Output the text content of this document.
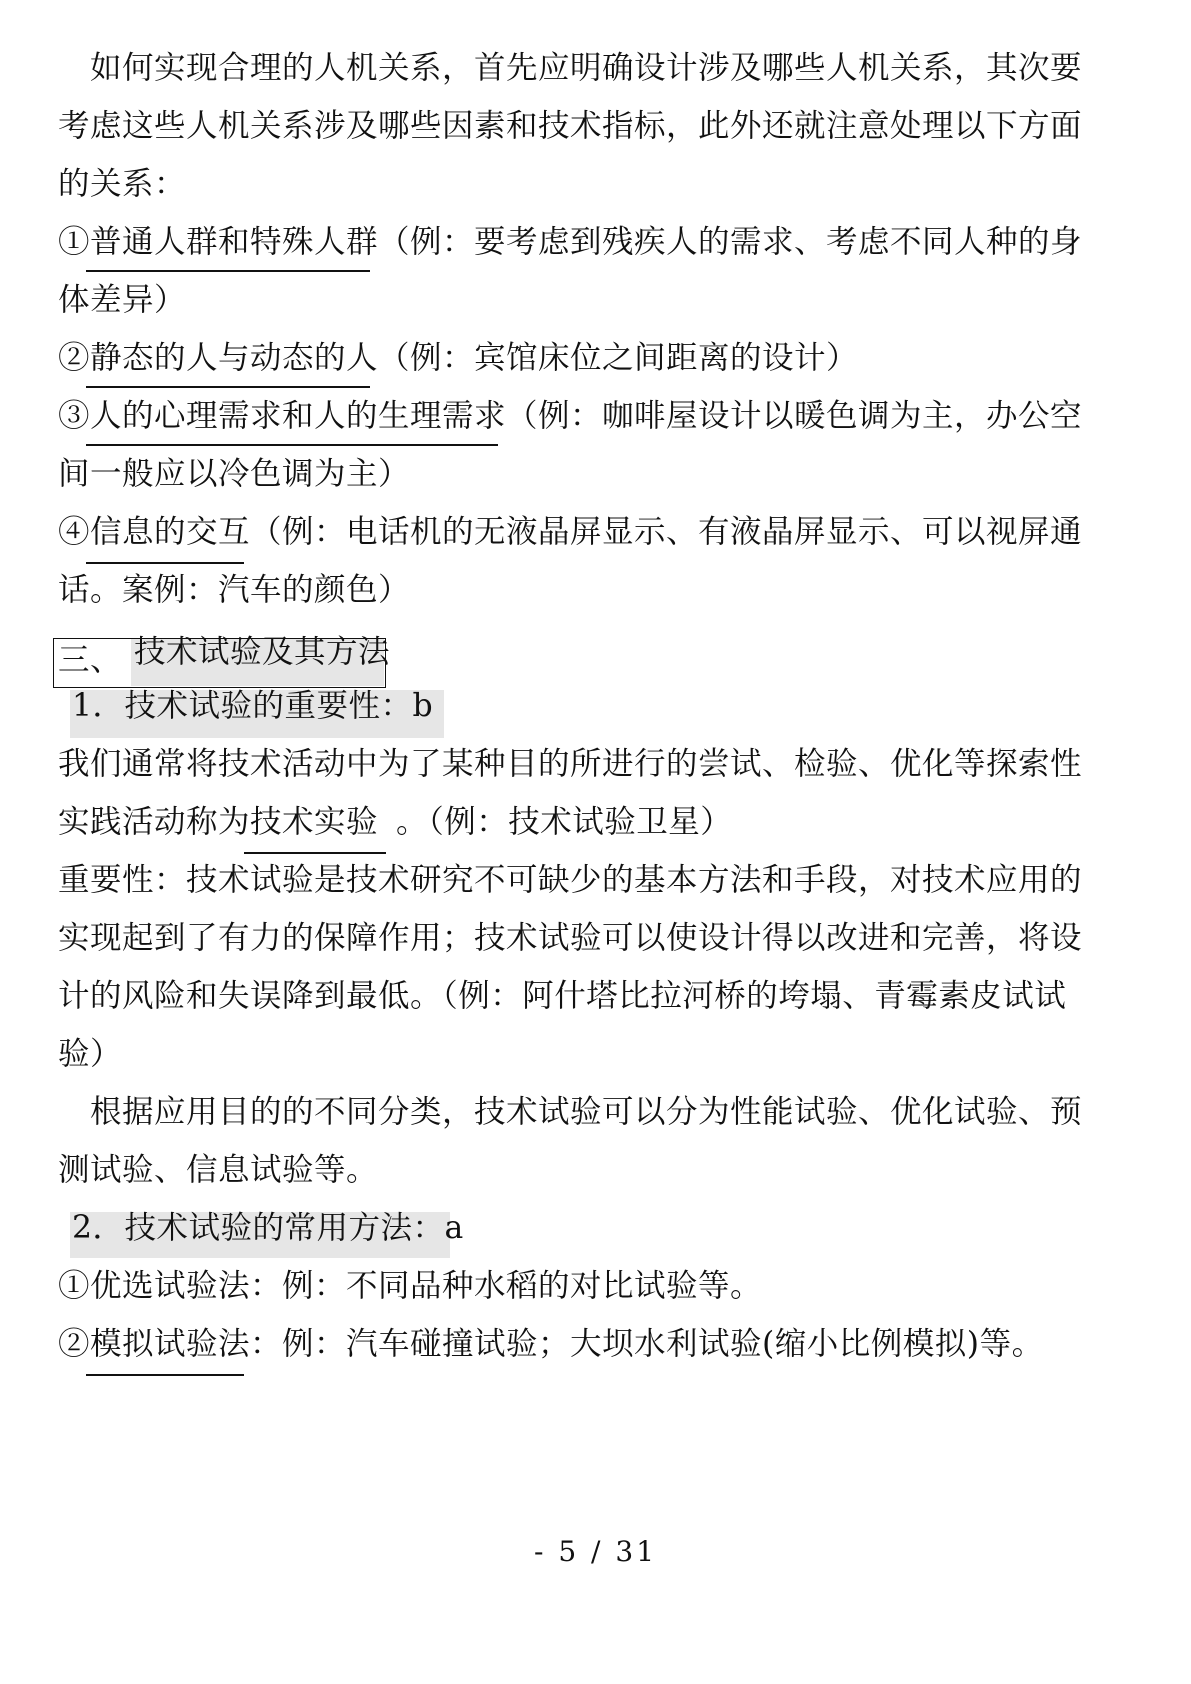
　如何实现合理的人机关系，首先应明确设计涉及哪些人机关系，其次要
考虑这些人机关系涉及哪些因素和技术指标，此外还就注意处理以下方面
的关系：
①普通人群和特殊人群（例：要考虑到残疾人的需求、考虑不同人种的身
体差异）
②静态的人与动态的人（例：宾馆床位之间距离的设计）
③人的心理需求和人的生理需求（例：咖啡屋设计以暖色调为主，办公空
间一般应以冷色调为主）
④信息的交互（例：电话机的无液晶屏显示、有液晶屏显示、可以视屏通
话。案例：汽车的颜色）
三、 技术试验及其方法
1．技术试验的重要性：b
我们通常将技术活动中为了某种目的所进行的尝试、检验、优化等探索性
实践活动称为技术实验 。（例：技术试验卫星）
重要性：技术试验是技术研究不可缺少的基本方法和手段，对技术应用的
实现起到了有力的保障作用；技术试验可以使设计得以改进和完善，将设
计的风险和失误降到最低。（例：阿什塔比拉河桥的垮塌、青霉素皮试试
验）
　根据应用目的的不同分类，技术试验可以分为性能试验、优化试验、预
测试验、信息试验等。
2．技术试验的常用方法：a
①优选试验法：例：不同品种水稻的对比试验等。
②模拟试验法：例：汽车碰撞试验；大坝水利试验(缩小比例模拟)等。
- 5 / 31
